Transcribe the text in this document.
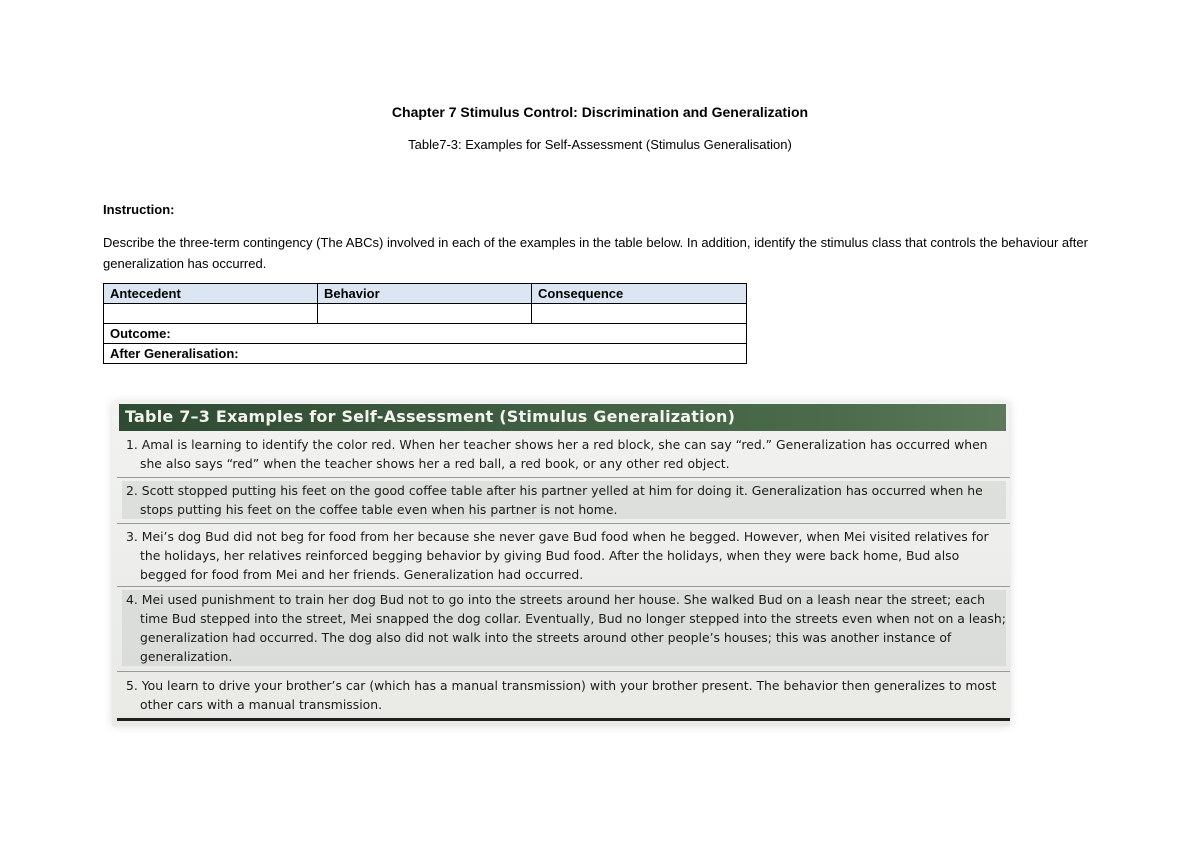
Chapter 7 Stimulus Control: Discrimination and Generalization
Table7-3: Examples for Self-Assessment (Stimulus Generalisation)
Instruction:
Describe the three-term contingency (The ABCs) involved in each of the examples in the table below. In addition, identify the stimulus class that controls the behaviour after generalization has occurred.
Antecedent	Behavior	Consequence

Outcome:		
After Generalisation:		
Table 7–3 Examples for Self-Assessment (Stimulus Generalization)
1. Amal is learning to identify the color red. When her teacher shows her a red block, she can say “red.” Generalization has occurred when she also says “red” when the teacher shows her a red ball, a red book, or any other red object.
2. Scott stopped putting his feet on the good coffee table after his partner yelled at him for doing it. Generalization has occurred when he stops putting his feet on the coffee table even when his partner is not home.
3. Mei’s dog Bud did not beg for food from her because she never gave Bud food when he begged. However, when Mei visited relatives for the holidays, her relatives reinforced begging behavior by giving Bud food. After the holidays, when they were back home, Bud also begged for food from Mei and her friends. Generalization had occurred.
4. Mei used punishment to train her dog Bud not to go into the streets around her house. She walked Bud on a leash near the street; each time Bud stepped into the street, Mei snapped the dog collar. Eventually, Bud no longer stepped into the streets even when not on a leash; generalization had occurred. The dog also did not walk into the streets around other people’s houses; this was another instance of generalization.
5. You learn to drive your brother’s car (which has a manual transmission) with your brother present. The behavior then generalizes to most other cars with a manual transmission.
